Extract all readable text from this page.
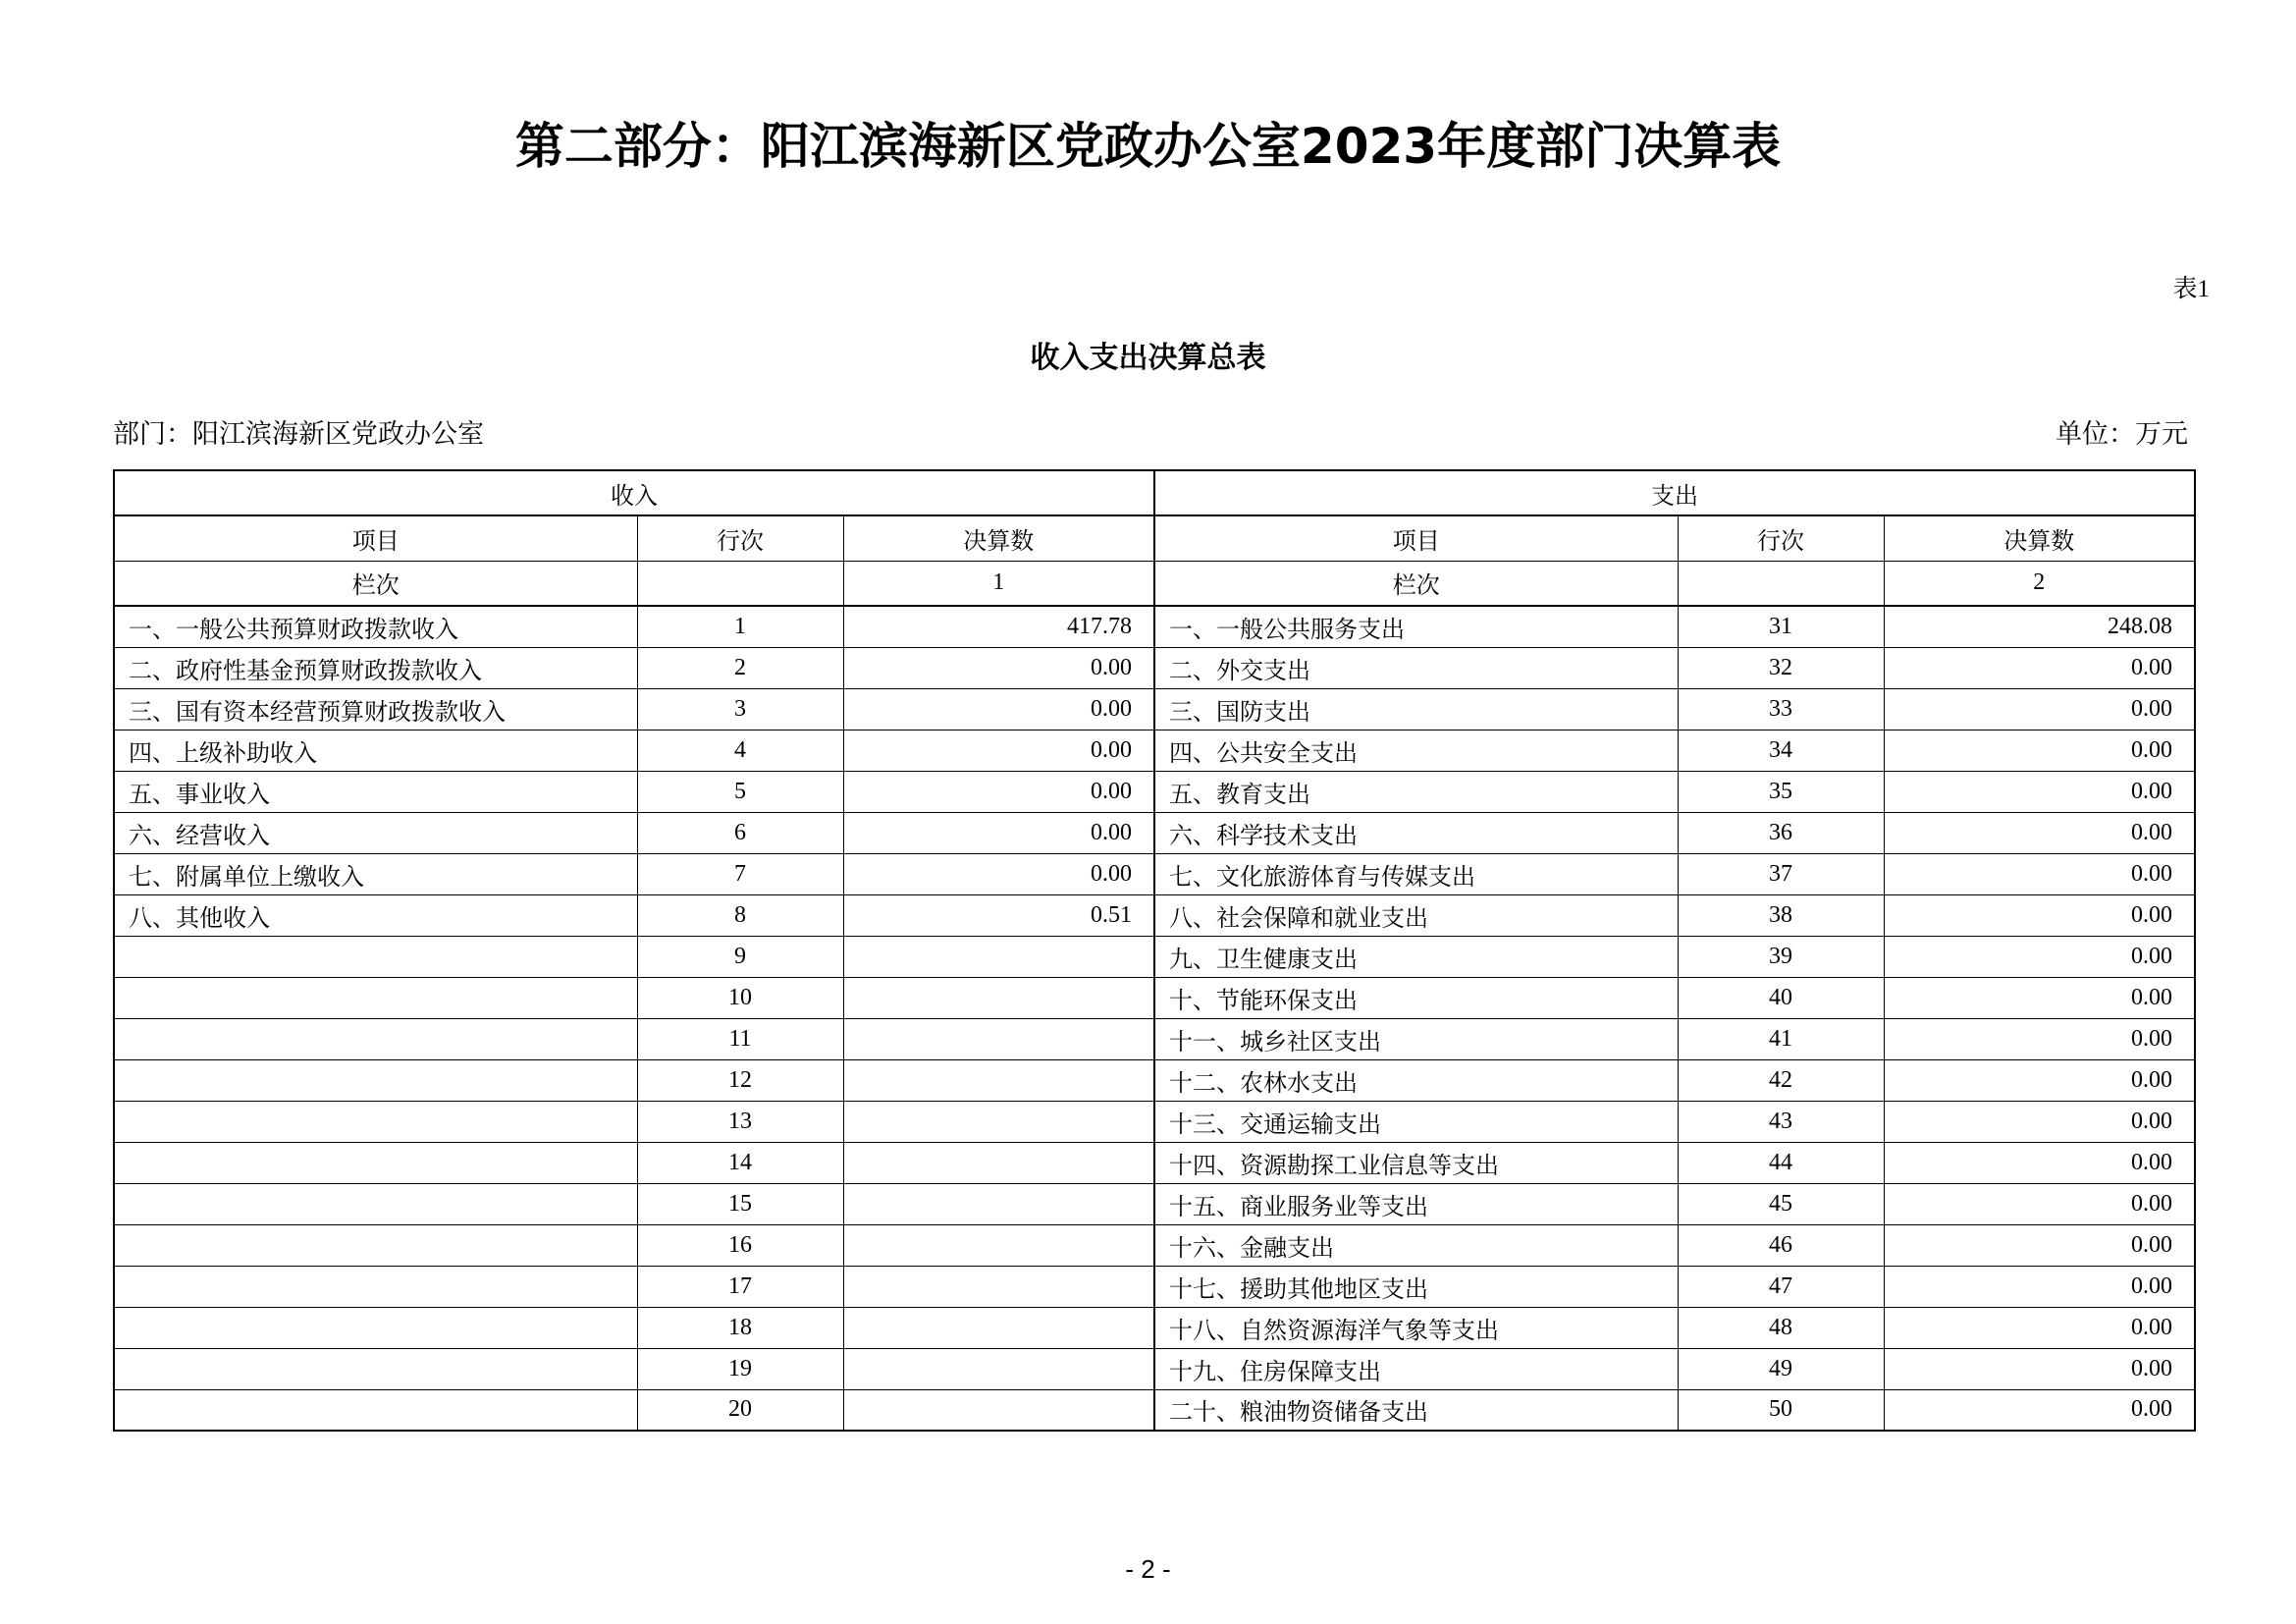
第二部分：阳江滨海新区党政办公室2023年度部门决算表
表1
收入支出决算总表
部门：阳江滨海新区党政办公室	单位：万元
收入			支出		
项目	行次	决算数	项目	行次	决算数
栏次		1	栏次		2
一、一般公共预算财政拨款收入	1	417.78	一、一般公共服务支出	31	248.08
二、政府性基金预算财政拨款收入	2	0.00	二、外交支出	32	0.00
三、国有资本经营预算财政拨款收入	3	0.00	三、国防支出	33	0.00
四、上级补助收入	4	0.00	四、公共安全支出	34	0.00
五、事业收入	5	0.00	五、教育支出	35	0.00
六、经营收入	6	0.00	六、科学技术支出	36	0.00
七、附属单位上缴收入	7	0.00	七、文化旅游体育与传媒支出	37	0.00
八、其他收入	8	0.51	八、社会保障和就业支出	38	0.00
	9		九、卫生健康支出	39	0.00
	10		十、节能环保支出	40	0.00
	11		十一、城乡社区支出	41	0.00
	12		十二、农林水支出	42	0.00
	13		十三、交通运输支出	43	0.00
	14		十四、资源勘探工业信息等支出	44	0.00
	15		十五、商业服务业等支出	45	0.00
	16		十六、金融支出	46	0.00
	17		十七、援助其他地区支出	47	0.00
	18		十八、自然资源海洋气象等支出	48	0.00
	19		十九、住房保障支出	49	0.00
	20		二十、粮油物资储备支出	50	0.00
- 2 -
